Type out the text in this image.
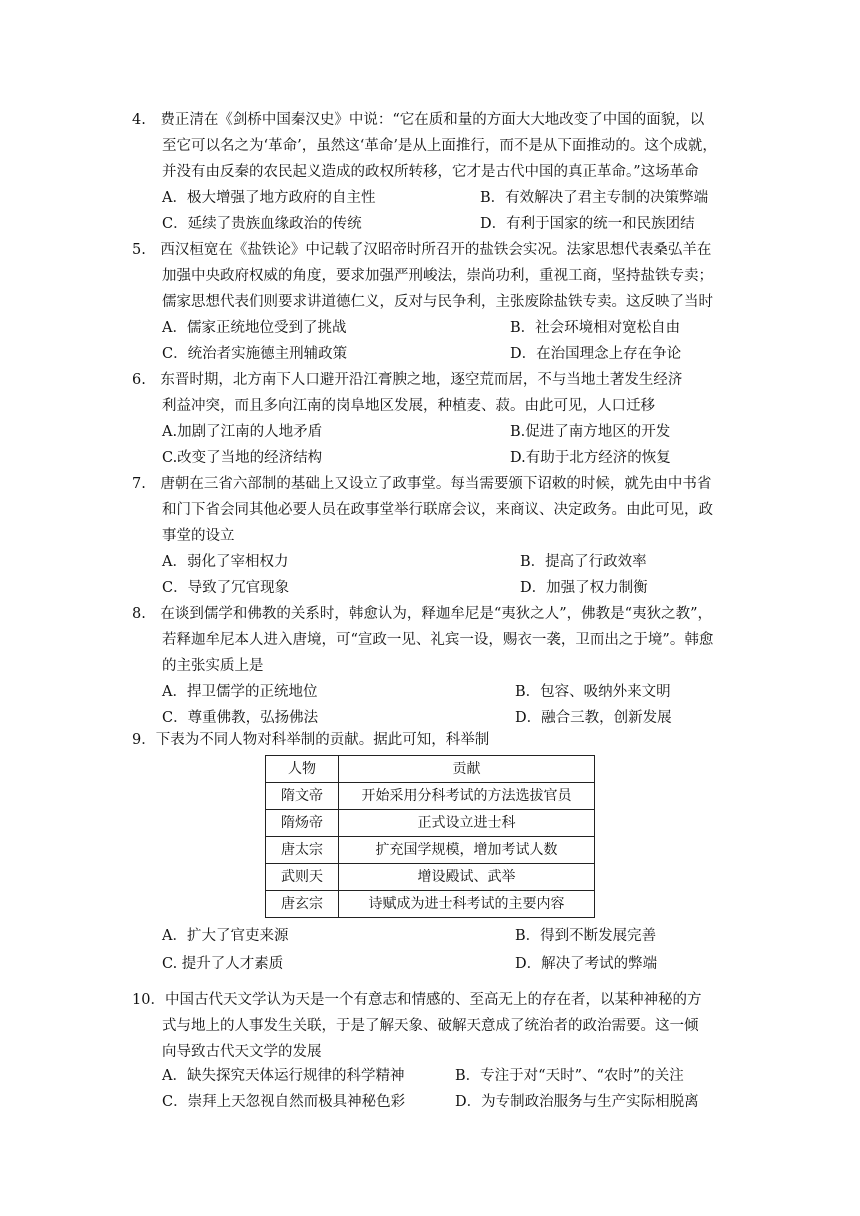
4.　费正清在《剑桥中国秦汉史》中说：“它在质和量的方面大大地改变了中国的面貌，以
至它可以名之为‘革命’，虽然这‘革命’是从上面推行，而不是从下面推动的。这个成就，
并没有由反秦的农民起义造成的政权所转移，它才是古代中国的真正革命。”这场革命
A．极大增强了地方政府的自主性	B．有效解决了君主专制的决策弊端
C．延续了贵族血缘政治的传统	D．有利于国家的统一和民族团结
5.　西汉桓宽在《盐铁论》中记载了汉昭帝时所召开的盐铁会实况。法家思想代表桑弘羊在
加强中央政府权威的角度，要求加强严刑峻法，崇尚功利，重视工商，坚持盐铁专卖；
儒家思想代表们则要求讲道德仁义，反对与民争利，主张废除盐铁专卖。这反映了当时
A．儒家正统地位受到了挑战	B．社会环境相对宽松自由
C．统治者实施德主刑辅政策	D．在治国理念上存在争论
6.　东晋时期，北方南下人口避开沿江膏腴之地，逐空荒而居，不与当地土著发生经济
利益冲突，而且多向江南的岗阜地区发展，种植麦、菽。由此可见，人口迁移
A.加剧了江南的人地矛盾	B.促进了南方地区的开发
C.改变了当地的经济结构	D.有助于北方经济的恢复
7.　唐朝在三省六部制的基础上又设立了政事堂。每当需要颁下诏敕的时候，就先由中书省
和门下省会同其他必要人员在政事堂举行联席会议，来商议、决定政务。由此可见，政
事堂的设立
A．弱化了宰相权力	B．提高了行政效率
C．导致了冗官现象	D．加强了权力制衡
8.　在谈到儒学和佛教的关系时，韩愈认为，释迦牟尼是“夷狄之人”，佛教是“夷狄之教”，
若释迦牟尼本人进入唐境，可“宣政一见、礼宾一设，赐衣一袭，卫而出之于境”。韩愈
的主张实质上是
A．捍卫儒学的正统地位	B．包容、吸纳外来文明
C．尊重佛教，弘扬佛法	D．融合三教，创新发展
9．下表为不同人物对科举制的贡献。据此可知，科举制
人物	贡献
隋文帝	开始采用分科考试的方法选拔官员
隋炀帝	正式设立进士科
唐太宗	扩充国学规模，增加考试人数
武则天	增设殿试、武举
唐玄宗	诗赋成为进士科考试的主要内容
A．扩大了官吏来源	B．得到不断发展完善
C. 提升了人才素质	D．解决了考试的弊端
10．中国古代天文学认为天是一个有意志和情感的、至高无上的存在者，以某种神秘的方
式与地上的人事发生关联，于是了解天象、破解天意成了统治者的政治需要。这一倾
向导致古代天文学的发展
A．缺失探究天体运行规律的科学精神	B．专注于对“天时”、“农时”的关注
C．崇拜上天忽视自然而极具神秘色彩	D．为专制政治服务与生产实际相脱离
